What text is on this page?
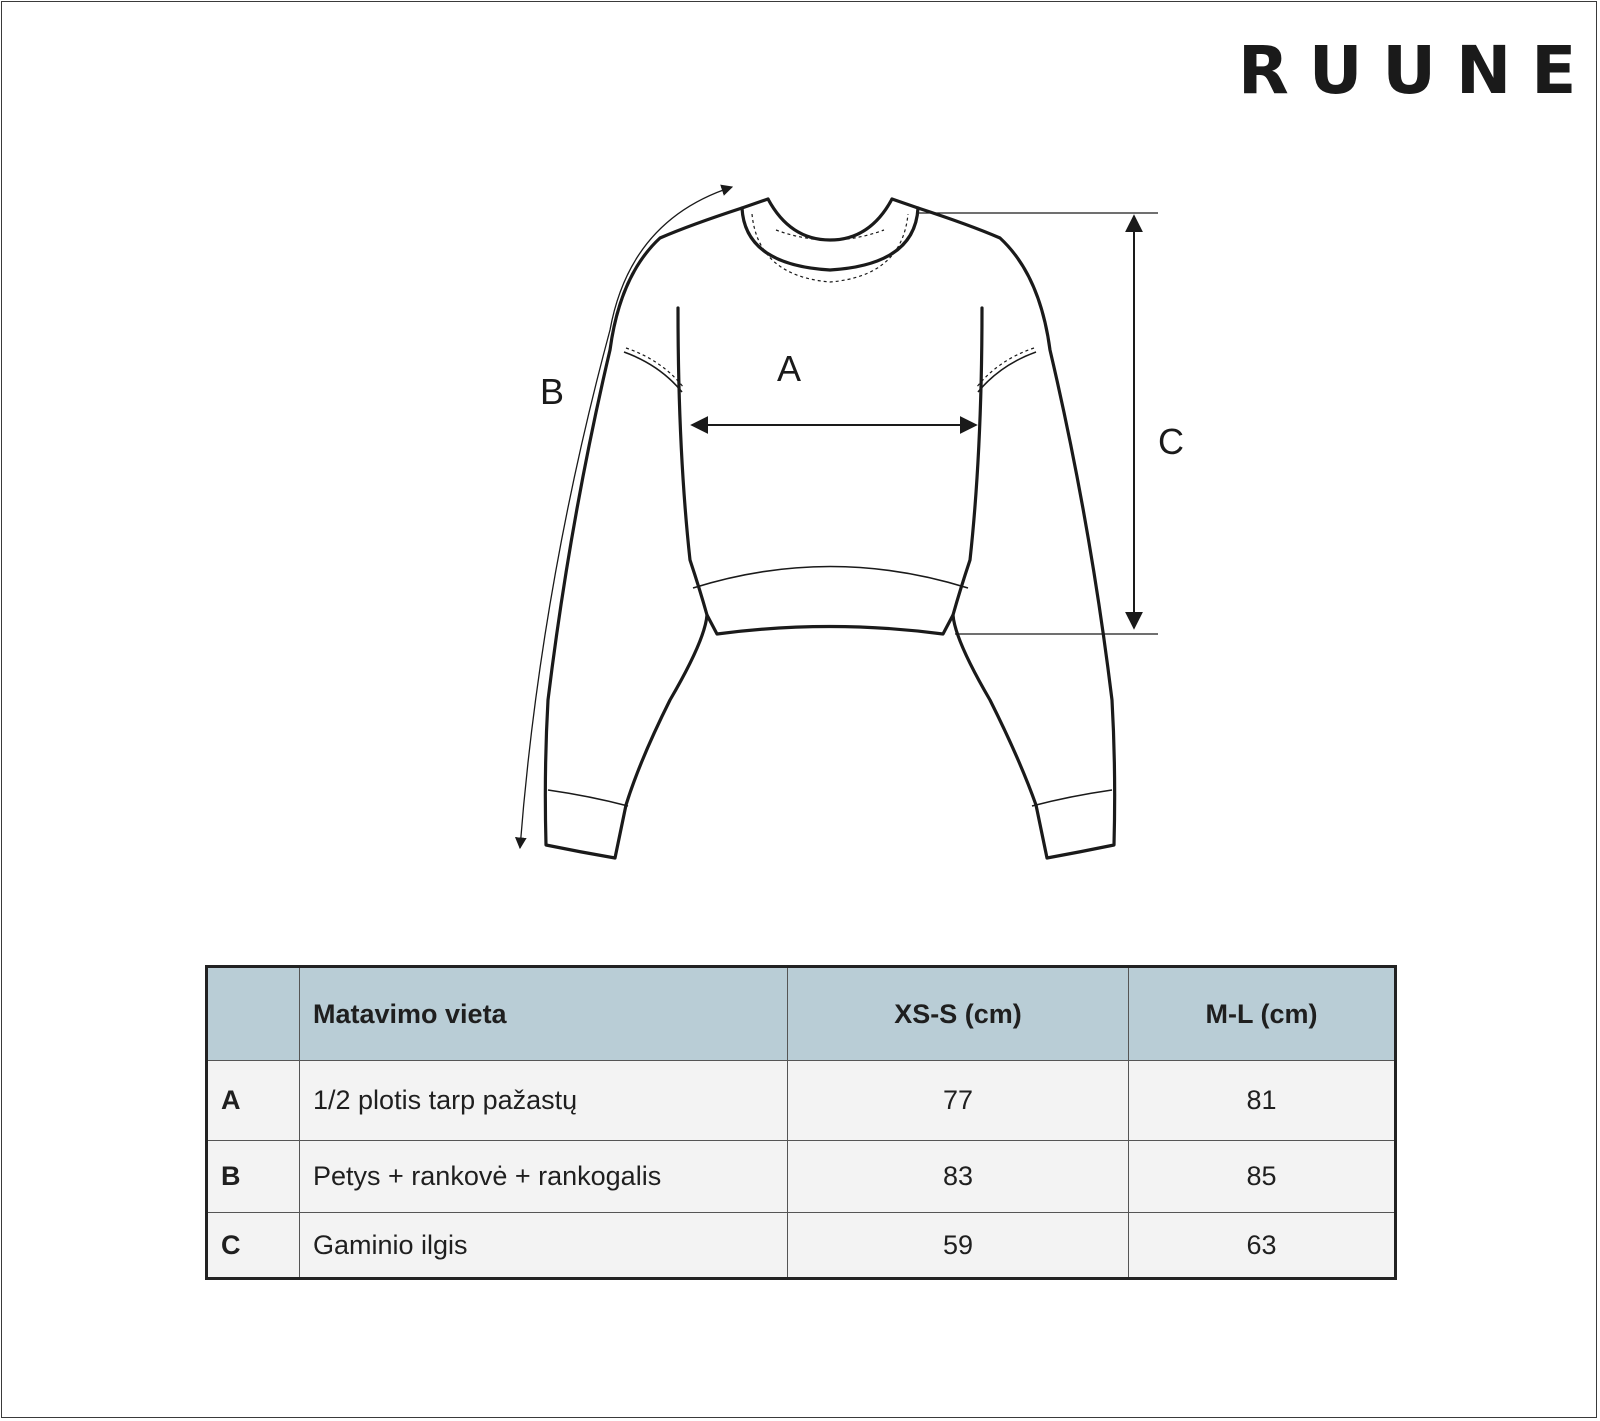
RUUNE
A
B
C
	Matavimo vieta	XS-S (cm)	M-L (cm)
A	1/2 plotis tarp pažastų	77	81
B	Petys + rankovė + rankogalis	83	85
C	Gaminio ilgis	59	63
